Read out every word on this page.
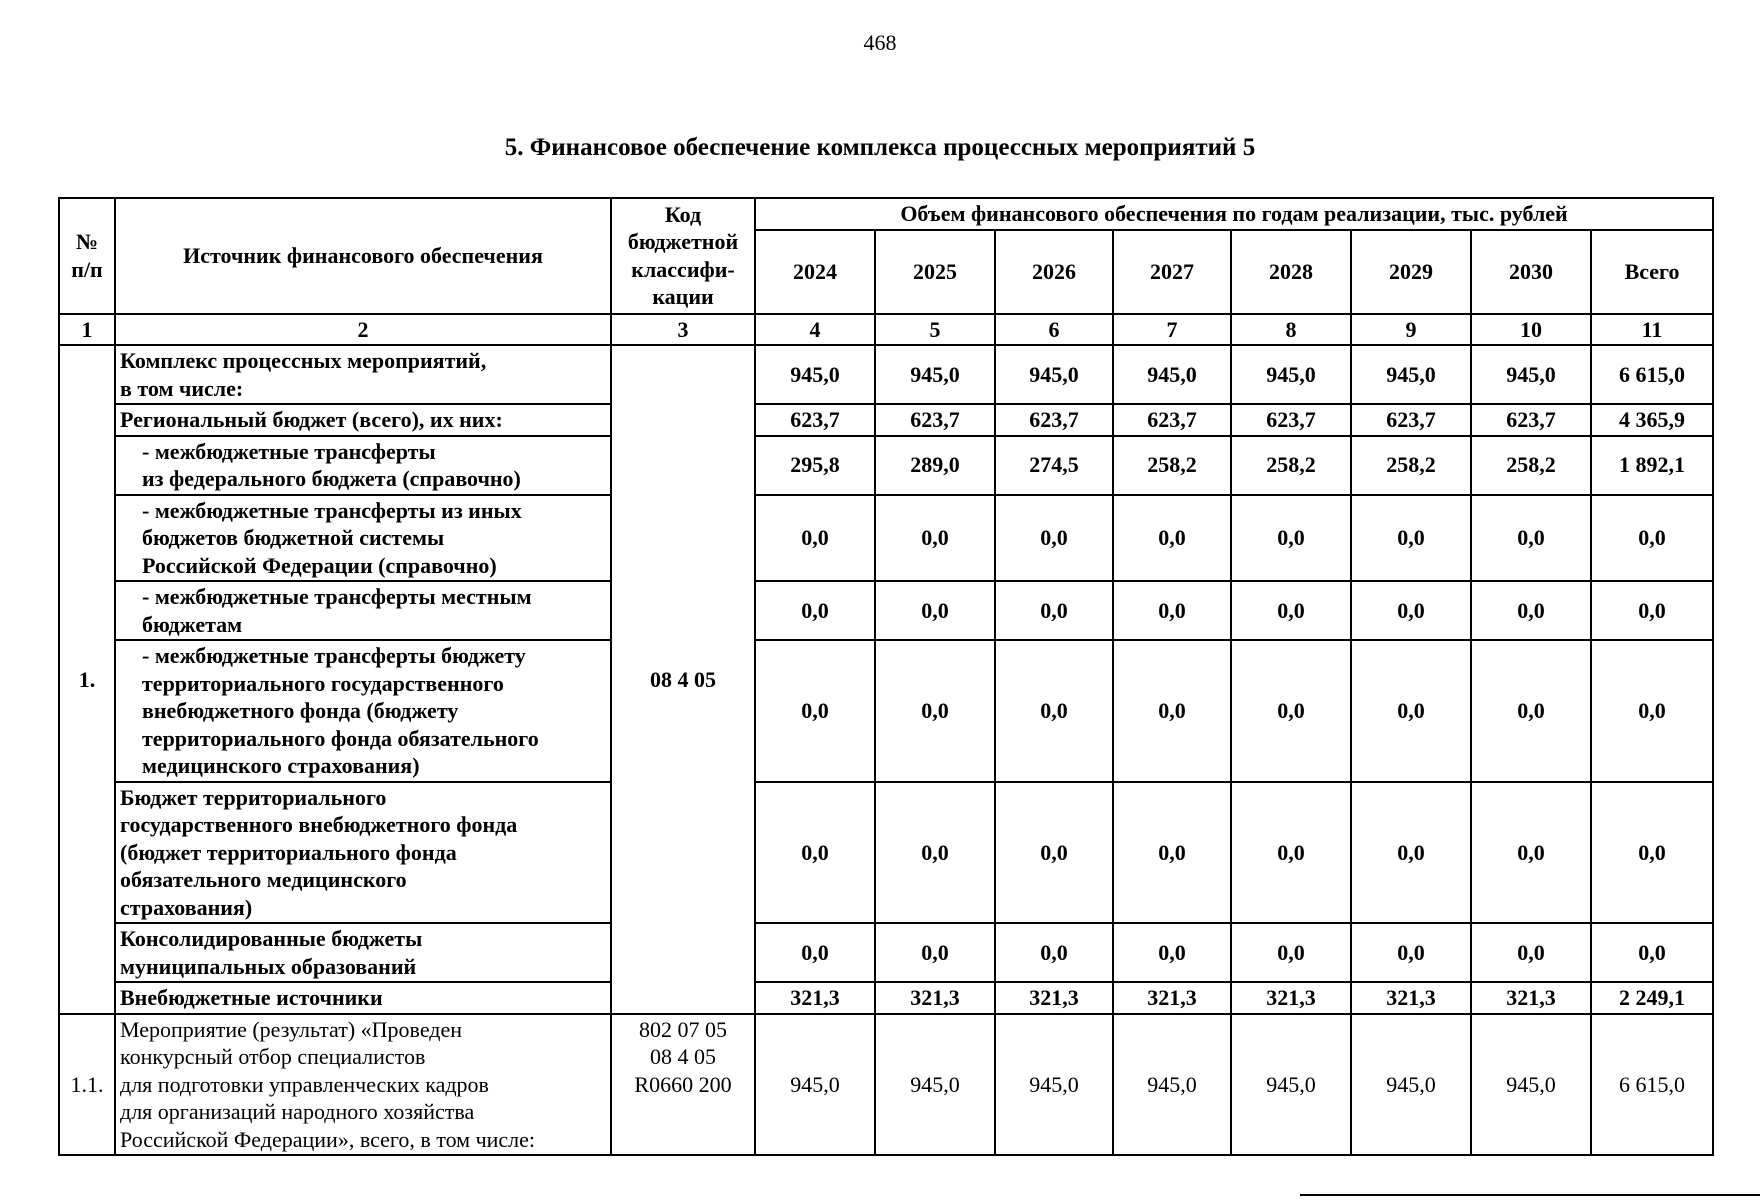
468
5. Финансовое обеспечение комплекса процессных мероприятий 5
№ п/п	Источник финансового обеспечения	Код бюджетной классифи-кации	Объем финансового обеспечения по годам реализации, тыс. рублей							
			2024	2025	2026	2027	2028	2029	2030	Всего
1	2	3	4	5	6	7	8	9	10	11
1.	Комплекс процессных мероприятий,
в том числе:	08 4 05	945,0	945,0	945,0	945,0	945,0	945,0	945,0	6 615,0

	Региональный бюджет (всего), их них:		623,7	623,7	623,7	623,7	623,7	623,7	623,7	4 365,9

	- межбюджетные трансферты
из федерального бюджета (справочно)		295,8	289,0	274,5	258,2	258,2	258,2	258,2	1 892,1

	- межбюджетные трансферты из иных
бюджетов бюджетной системы
Российской Федерации (справочно)		0,0	0,0	0,0	0,0	0,0	0,0	0,0	0,0

	- межбюджетные трансферты местным
бюджетам		0,0	0,0	0,0	0,0	0,0	0,0	0,0	0,0

	- межбюджетные трансферты бюджету
территориального государственного
внебюджетного фонда (бюджету
территориального фонда обязательного
медицинского страхования)		0,0	0,0	0,0	0,0	0,0	0,0	0,0	0,0

	Бюджет территориального
государственного внебюджетного фонда
(бюджет территориального фонда
обязательного медицинского
страхования)		0,0	0,0	0,0	0,0	0,0	0,0	0,0	0,0

	Консолидированные бюджеты
муниципальных образований		0,0	0,0	0,0	0,0	0,0	0,0	0,0	0,0

	Внебюджетные источники		321,3	321,3	321,3	321,3	321,3	321,3	321,3	2 249,1
1.1.	Мероприятие (результат) «Проведен
конкурсный отбор специалистов
для подготовки управленческих кадров
для организаций народного хозяйства
Российской Федерации», всего, в том числе:	802 07 05
08 4 05
R0660 200	945,0	945,0	945,0	945,0	945,0	945,0	945,0	6 615,0
